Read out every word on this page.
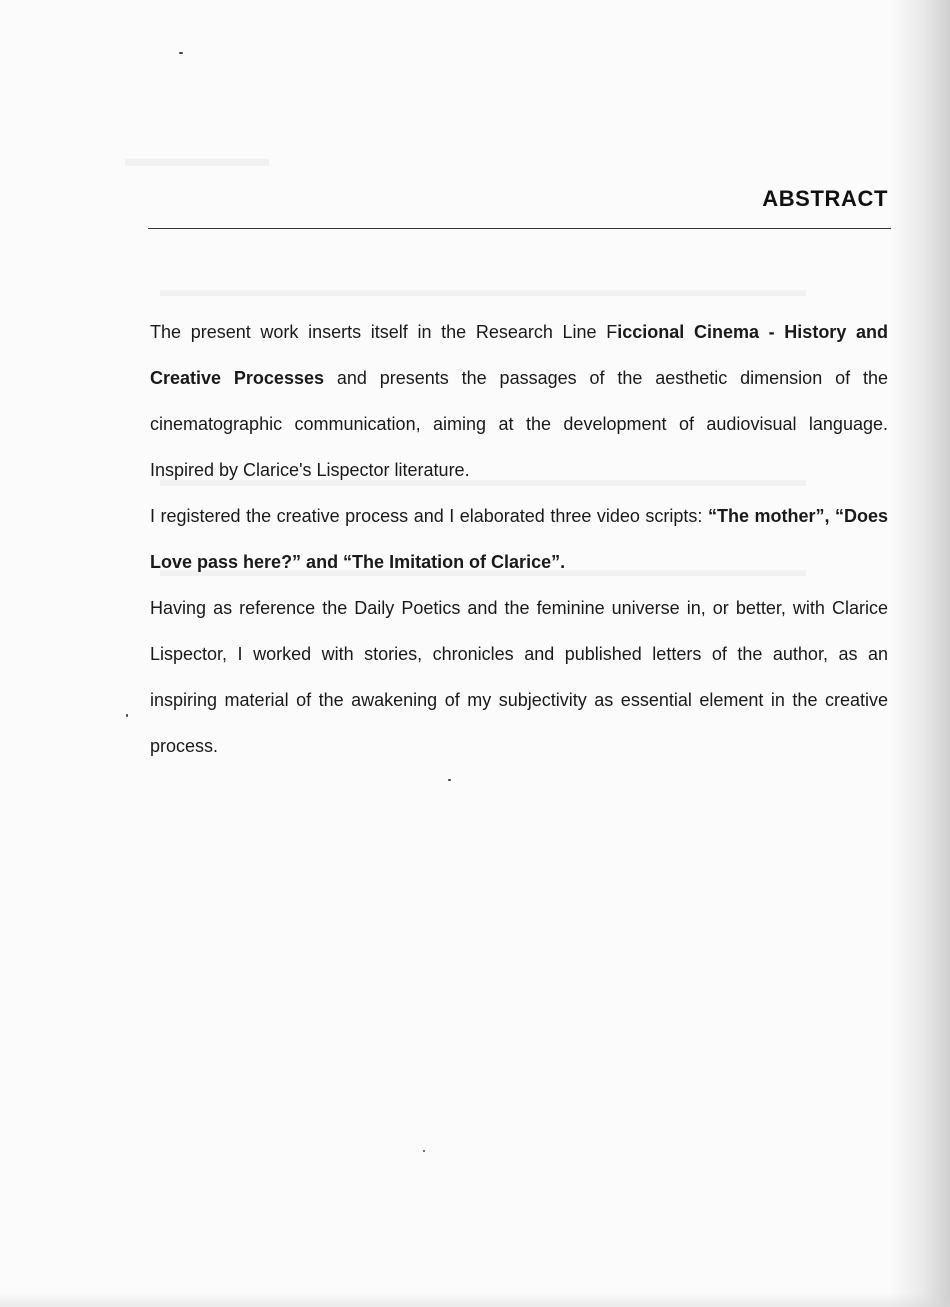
ABSTRACT

The present work inserts itself in the Research Line Ficcional Cinema - History and Creative Processes and presents the passages of the aesthetic dimension of the cinematographic communication, aiming at the development of audiovisual language. Inspired by Clarice's Lispector literature.

I registered the creative process and I elaborated three video scripts: “The mother”, “Does Love pass here?” and “The Imitation of Clarice”.

Having as reference the Daily Poetics and the feminine universe in, or better, with Clarice Lispector, I worked with stories, chronicles and published letters of the author, as an inspiring material of the awakening of my subjectivity as essential element in the creative process.
